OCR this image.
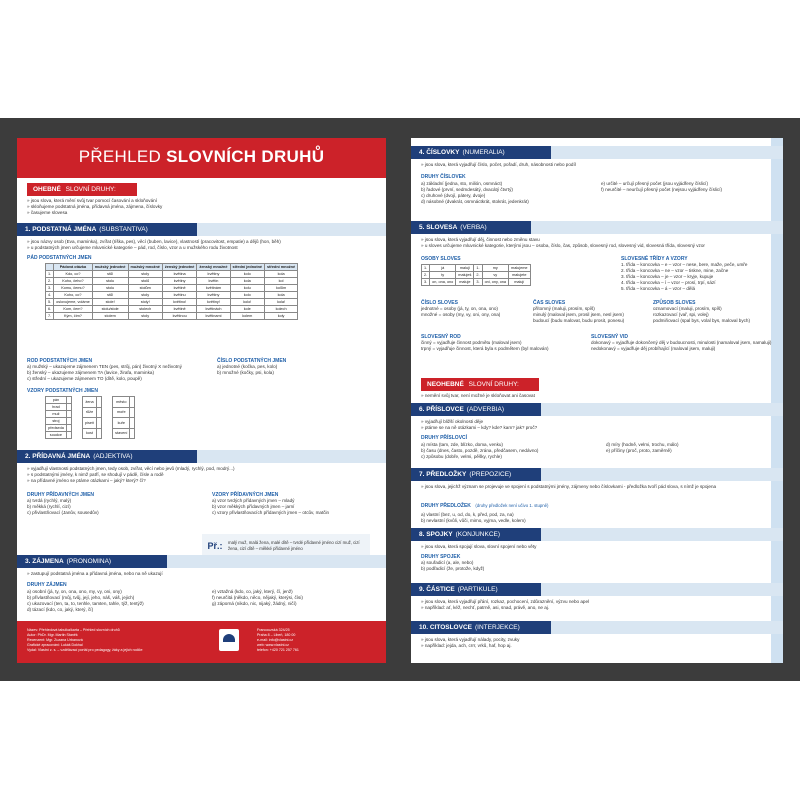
PŘEHLED SLOVNÍCH DRUHŮ
OHEBNÉ
SLOVNÍ DRUHY:
» jsou slova, která mění svůj tvar pomocí časování a skloňování
» skloňujeme podstatná jména, přídavná jména, zájmena, číslovky
» časujeme slovesa
1. PODSTATNÁ JMÉNA (SUBSTANTIVA)
» jsou názvy osob (Eva, maminka), zvířat (Iíška, pes), věcí (buben, lavice), vlastností (pracovitost, empatie) a dějů (hon, běh)
» u podstatných jmen určujeme mluvnické kategorie – pád, rod, číslo, vzor a u mužského rodu životnost
PÁD PODSTATNÝCH JMEN
	Pádová otázka	mužský jednotné	mužský množné	ženský jednotné	ženský množné	střední jednotné	střední množné
1.	Kdo, co?	stůl	stoly	květina	květiny	kolo	kola
2.	Koho, čeho?	stolu	stolů	květiny	květin	kola	kol
3.	Komu, čemu?	stolu	stolům	květině	květinám	kolu	kolům
4.	Koho, co?	stůl	stoly	květinu	květiny	kolo	kola
5.	oslovujeme, voláme	stole!	stoly!	květino!	květiny!	kolo!	kola!
6.	Kom, čem?	stolu/stole	stolech	květině	květinách	kole	kolech
7.	Kým, čím?	stolem	stoly	květinou	květinami	kolem	koly
ROD PODSTATNÝCH JMEN
a) mužský – ukazujeme zájmenem TEN (pes, strůj, pán) životný X neživotný
b) ženský – ukazujeme zájmenem TA (lavice, žirafa, maminka)
c) střední – ukazujeme zájmenem TO (dítě, kolo, poupě)
ČÍSLO PODSTATNÝCH JMEN
a) jednotné (kočka, pes, kolo)
b) množné (kočky, psi, kola)
VZORY PODSTATNÝCH JMEN
pán	
hrad	
muž	
stroj	
předseda	
soudce	
žena	
růže	
píseň	
kost	
město	
moře	
kuře	
stavení	
2. PŘÍDAVNÁ JMÉNA (ADJEKTIVA)
» vyjadřují vlastnosti podstatných jmen, tedy osob, zvířat, věcí nebo jevů (mladý, rychlý, pod, modrý...)
» s podstatnými jmény, k nimž patří, se shodují v pádě, čísle a rodě
» na přídavné jméno se ptáme otázkami – jaký? který? čí?
DRUHY PŘÍDAVNÝCH JMEN
a) tvrdá (rychlý, malý)
b) měkká (rychlí, cizí)
c) přivlastňovací (Janův, sousedův)
VZORY PŘÍDAVNÝCH JMEN
a) vzor tvrdých přídavných jmen – mladý
b) vzor měkkých přídavných jmen – jarní
c) vzory přivlastňovacích přídavných jmen – otcův, matčin
Př.:	malý muž, malá žena, malé dítě – tvrdé přídavné jméno cizí muž, cizí žena, cizí dítě – měkké přídavné jméno
3. ZÁJMENA (PRONOMINA)
» zastupují podstatná jména a přídavná jména, nebo na ně ukazují
DRUHY ZÁJMEN
a) osobní (já, ty, on, ona, ono, my, vy, oni, ony)
b) přivlastňovací (můj, tvůj, její, jeho, náš, váš, jejich)
c) ukazovací (ten, ta, to, tenhle, tamten, tahle, týž, tentýž)
d) tázací (kdo, co, jaký, který, čí)
e) vztažná (kdo, co, jaký, který, čí, jenž)
f) neurčitá (někdo, něco, nějaký, kterýsi, čísi)
g) záporná (nikdo, nic, nijaký, žádný, ničí)
Název: Přehledová tabulka/karta – Přehled slovních druhů
Autor: PhDr. Mgr. Martin Staněk
Recenzent: Mgr. Zuzana Urbanová
Grafické zpracování: Lukáš Dokhal
Vydal: Vlastní z. s. – vzdělávací portál pro pedagogy, žáky a jejich rodiče
Francouzská 324/25
Praha 8 – Libeň, 180 00
e-mail: info@vlastni.cz
web: www.vlastni.cz
telefon: +420 721 257 761
4. ČÍSLOVKY (NUMERALIA)
» jsou slova, která vyjadřují číslo, počet, pořadí, druh, násobnosti nebo podíl
DRUHY ČÍSLOVEK
a) základní (jedna, sto, milión, osmnáct)
b) řadové (první, sedmdesátý, dvacátý čtvrtý)
c) druhové (dvojí, pátery, dvoje)
d) násobné (dvakrát, osmnáctkrát, stokrát, jedenkrát)
e) určité – určují přesný počet (jsou vyjádřeny číslicí)
f) neurčité – neurčují přesný počet (nejsou vyjádřeny číslicí)
5. SLOVESA (VERBA)
» jsou slova, která vyjadřují děj, činnost nebo změnu stavu
» u sloves určujeme mluvnické kategorie, kterými jsou – osoba, číslo, čas, způsob, slovesný rod, slovesný vid, slovesná třída, slovesný vzor
OSOBY SLOVES
1.	já	maluji	1.	my	malujeme
2.	ty	maluješ	2.	vy	malujete
3.	on, ona, ono	maluje	3.	oni, ony, ona	malují
SLOVESNÉ TŘÍDY A VZORY
1. třída – koncovka – e – vzor – nese, bere, maže, peče, umře
2. třída – koncovka – ne – vzor – tiskne, mine, začne
3. třída – koncovka – je – vzor – kryje, kupuje
4. třída – koncovka – í – vzor – prosí, trpí, sází
5. třída – koncovka – á – vzor – dělá
ČÍSLO SLOVES
jednotné = osoby (já, ty, on, ona, ono)
množné = osoby (my, vy, oni, ony, ona)
ČAS SLOVES
přítomný (maluji, prosím, spíš)
minulý (maloval jsem, prosil jsem, nesl jsem)
budoucí (budu malovat, budu prosit, ponesu)
ZPŮSOB SLOVES
oznamovací (maluji, prosím, spíš)
rozkazovací (vař, spi, volej)
podmiňovací (spal bys, volal bys, maloval bych)
SLOVESNÝ ROD
činný = vyjadřuje činnost podmětu (maloval jsem)
trpný = vyjadřuje činnost, která byla s podmětem (byl malován)
SLOVESNÝ VID
dokonavý = vyjadřuje dokončený děj v budoucnosti, minulosti (namaloval jsem, namaluji)
nedokonavý = vyjadřuje děj probíhající (maloval jsem, maluji)
NEOHEBNÉ
SLOVNÍ DRUHY:
» nemění svůj tvar, není možné je skloňovat ani časovat
6. PŘÍSLOVCE (ADVERBIA)
» vyjadřují bližší okolnosti děje
» ptáme se na ně otázkami – kdy? kde? kam? jak? proč?
DRUHY PŘÍSLOVCÍ
a) místa (tam, zde, blízko, doma, venku)
b) času (dnes, často, pozdě, zrána, předčasem, nedávno)
c) způsobu (dobře, velmi, pěšky, rychle)
d) míry (hodně, velmi, trochu, málo)
e) příčiny (proč, proto, zaměrně)
7. PŘEDLOŽKY (PREPOZICE)
» jsou slova, jejichž význam se projevuje ve spojení s podstatnými jmény, zájmeny nebo číslovkami - předložka tvoří pád slova, s nímž je spojena
DRUHY PŘEDLOŽEK (druhy předložek není učivo 1. stupně)
a) vlastní (bez, u, od, do, k, před, pod, za, na)
b) nevlastní (kvůli, vůči, mimo, vyjma, vedle, kolem)
8. SPOJKY (KONJUNKCE)
» jsou slova, která spojují slova, slovní spojení nebo věty
DRUHY SPOJEK
a) souřadicí (a, ale, nebo)
b) podřadicí (že, protože, když)
9. ČÁSTICE (PARTIKULE)
» jsou slova, která vyjadřují přání, rozkaz, pochocení, zdůraznění, výzvu nebo apel
» například: ať, kéž, nechť, patrně, asi, snad, právě, ano, ne aj.
10. CITOSLOVCE (INTERJEKCE)
» jsou slova, která vyjadřují nálady, pocity, zvuky
» například: jejda, ach, crrr, vrků, haf, hop aj.
